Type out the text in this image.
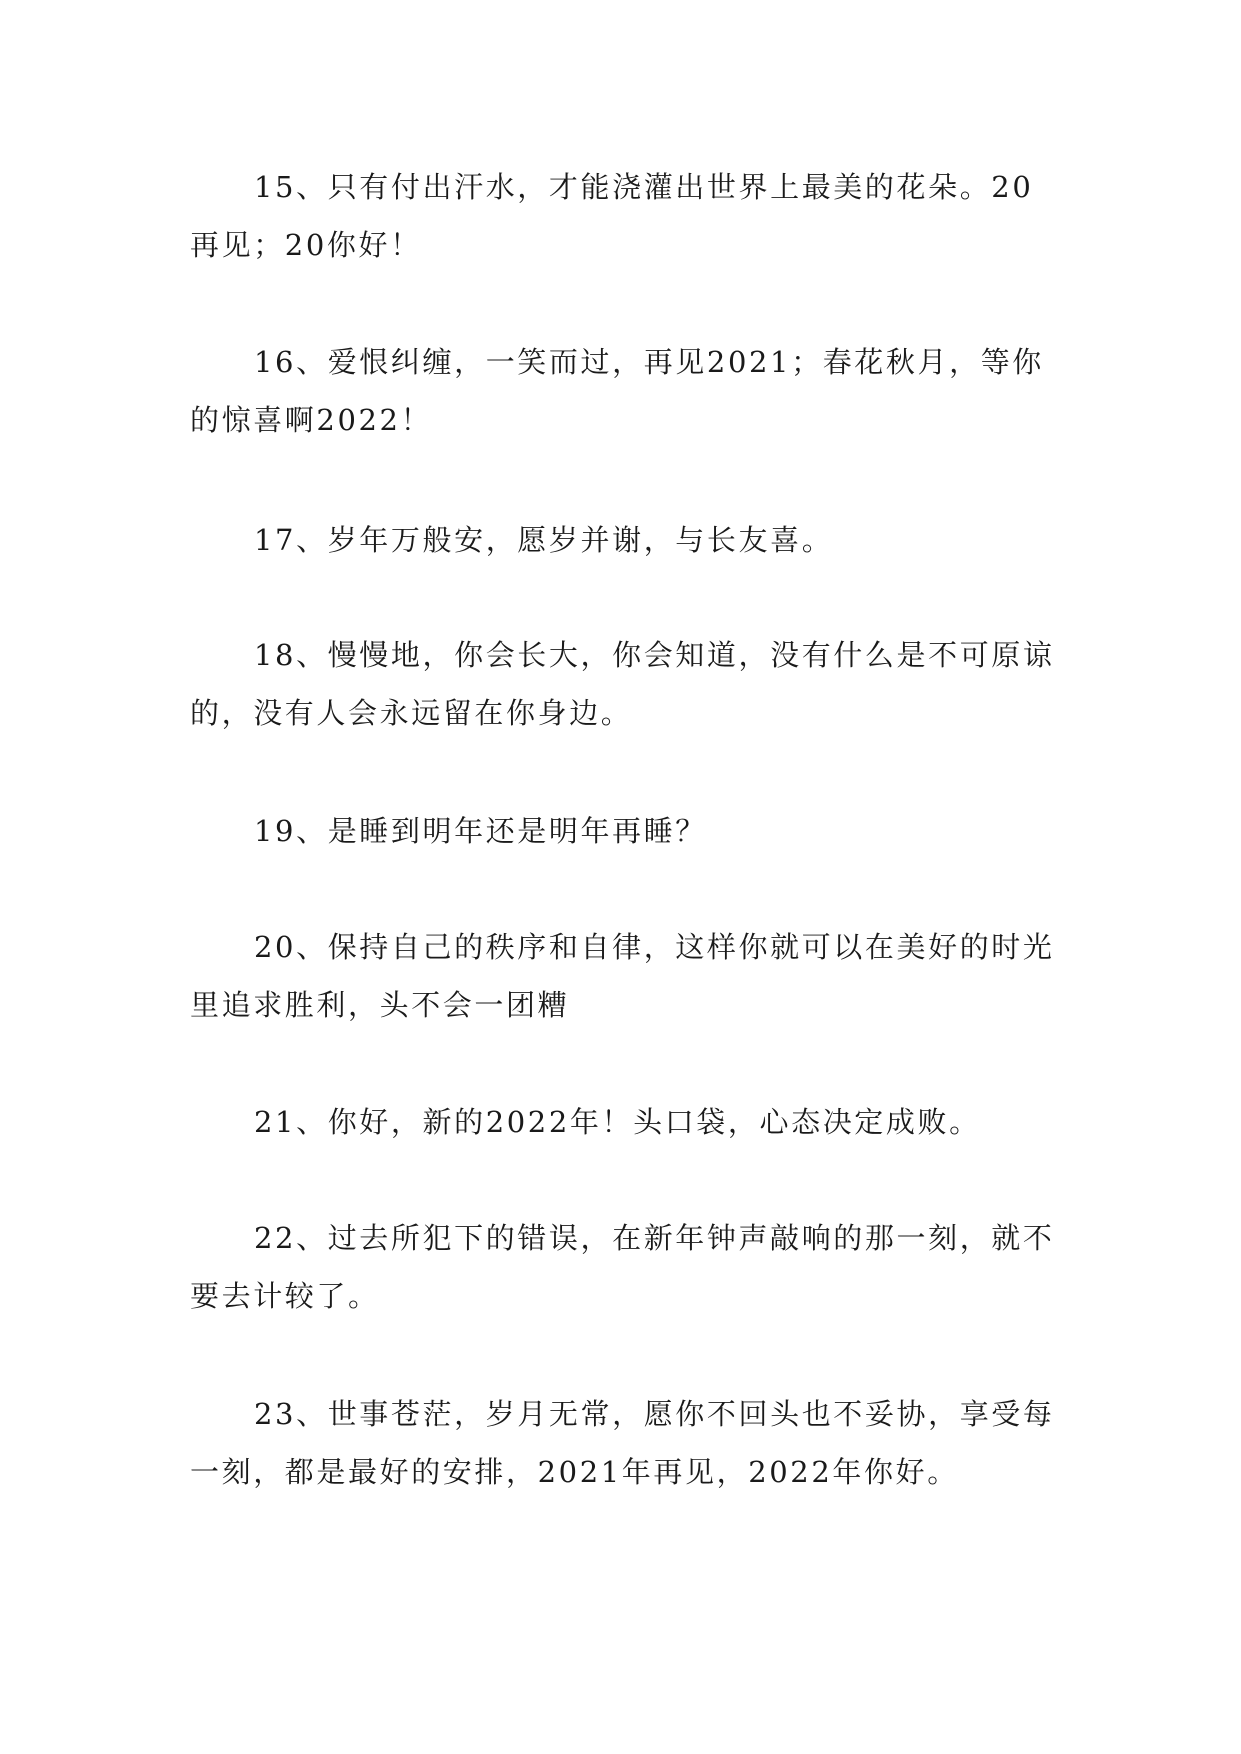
15、只有付出汗水，才能浇灌出世界上最美的花朵。20再见；20你好！

16、爱恨纠缠，一笑而过，再见2021；春花秋月，等你的惊喜啊2022！

17、岁年万般安，愿岁并谢，与长友喜。

18、慢慢地，你会长大，你会知道，没有什么是不可原谅的，没有人会永远留在你身边。

19、是睡到明年还是明年再睡？

20、保持自己的秩序和自律，这样你就可以在美好的时光里追求胜利，头不会一团糟

21、你好，新的2022年！头口袋，心态决定成败。

22、过去所犯下的错误，在新年钟声敲响的那一刻，就不要去计较了。

23、世事苍茫，岁月无常，愿你不回头也不妥协，享受每一刻，都是最好的安排，2021年再见，2022年你好。
